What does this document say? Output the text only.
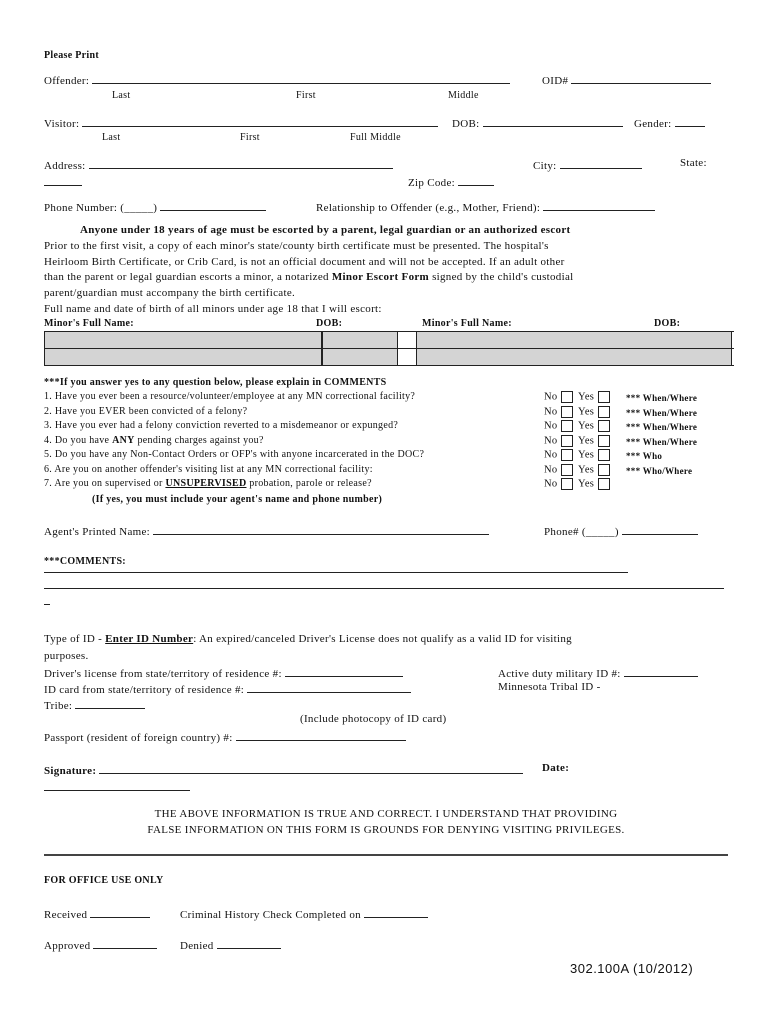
Please Print
Offender:	OID#
Last	First	Middle
Visitor:	DOB:	Gender:
Last	First	Full Middle
Address:	City:	State:
Zip Code:
Phone Number: (_____)	Relationship to Offender (e.g., Mother, Friend):
Anyone under 18 years of age must be escorted by a parent, legal guardian or an authorized escort
Prior to the first visit, a copy of each minor's state/county birth certificate must be presented. The hospital's
Heirloom Birth Certificate, or Crib Card, is not an official document and will not be accepted. If an adult other
than the parent or legal guardian escorts a minor, a notarized Minor Escort Form signed by the child's custodial
parent/guardian must accompany the birth certificate.
Full name and date of birth of all minors under age 18 that I will escort:
Minor's Full Name:	DOB:	Minor's Full Name:	DOB:
***If you answer yes to any question below, please explain in COMMENTS
1. Have you ever been a resource/volunteer/employee at any MN correctional facility?	No Yes	*** When/Where
2. Have you EVER been convicted of a felony?	No Yes	*** When/Where
3. Have you ever had a felony conviction reverted to a misdemeanor or expunged?	No Yes	*** When/Where
4. Do you have ANY pending charges against you?	No Yes	*** When/Where
5. Do you have any Non-Contact Orders or OFP's with anyone incarcerated in the DOC?	No Yes	*** Who
6. Are you on another offender's visiting list at any MN correctional facility:	No Yes	*** Who/Where
7. Are you on supervised or UNSUPERVISED probation, parole or release?	No Yes
(If yes, you must include your agent's name and phone number)
Agent's Printed Name:	Phone# (_____)
***COMMENTS:
Type of ID - Enter ID Number: An expired/canceled Driver's License does not qualify as a valid ID for visiting
purposes.
Driver's license from state/territory of residence #:	Active duty military ID #:
ID card from state/territory of residence #:	Minnesota Tribal ID -
Tribe:
(Include photocopy of ID card)
Passport (resident of foreign country) #:
Signature:	Date:
THE ABOVE INFORMATION IS TRUE AND CORRECT. I UNDERSTAND THAT PROVIDING
FALSE INFORMATION ON THIS FORM IS GROUNDS FOR DENYING VISITING PRIVILEGES.
FOR OFFICE USE ONLY
Received	Criminal History Check Completed on
Approved	Denied
302.100A (10/2012)
